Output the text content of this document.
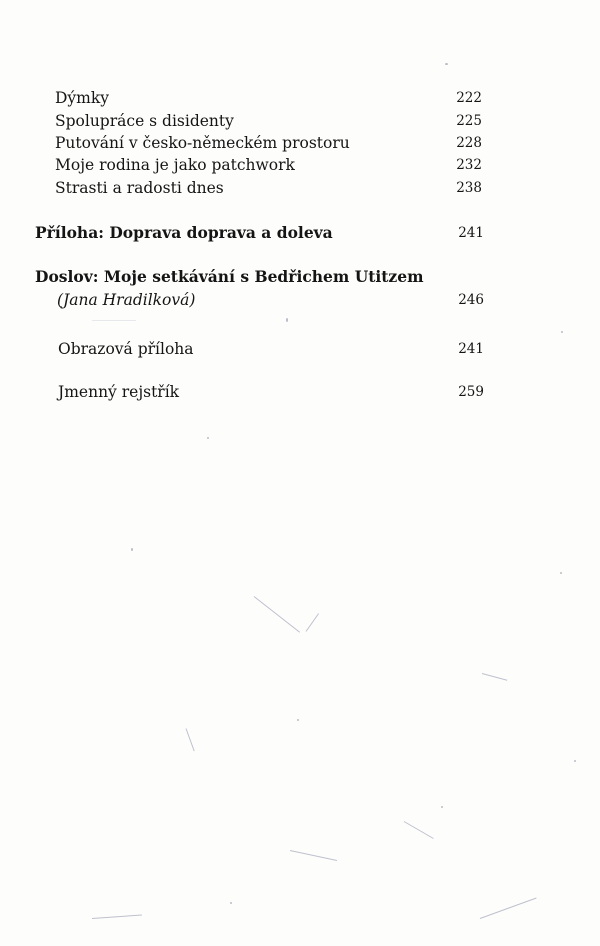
Dýmky	222
Spolupráce s disidenty	225
Putování v česko-německém prostoru	228
Moje rodina je jako patchwork	232
Strasti a radosti dnes	238
Příloha: Doprava doprava a doleva	241
Doslov: Moje setkávání s Bedřichem Utitzem
(Jana Hradilková)	246
Obrazová příloha	241
Jmenný rejstřík	259
